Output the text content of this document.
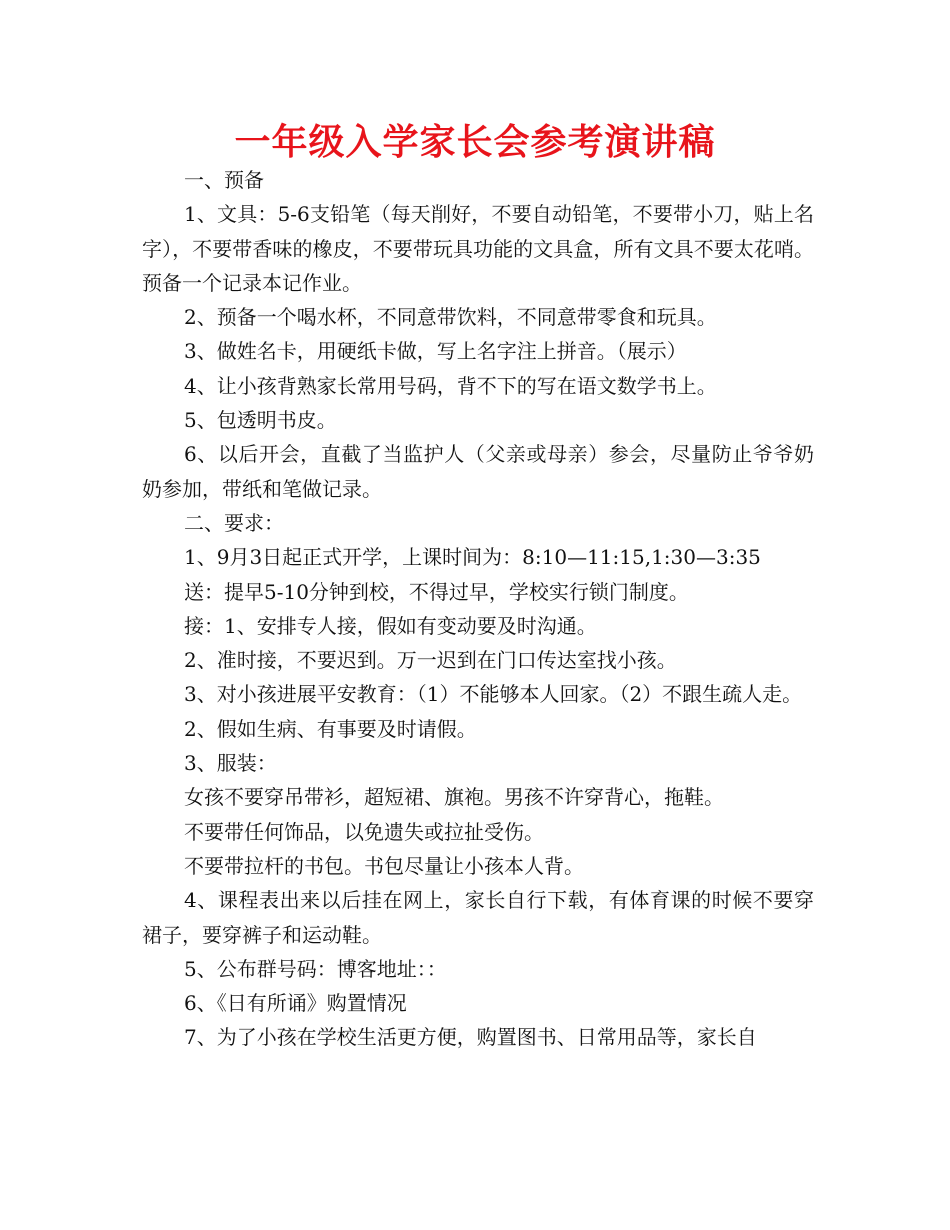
一年级入学家长会参考演讲稿

一、预备

1、文具：5-6支铅笔（每天削好，不要自动铅笔，不要带小刀，贴上名字），不要带香味的橡皮，不要带玩具功能的文具盒，所有文具不要太花哨。预备一个记录本记作业。

2、预备一个喝水杯，不同意带饮料，不同意带零食和玩具。

3、做姓名卡，用硬纸卡做，写上名字注上拼音。（展示）

4、让小孩背熟家长常用号码，背不下的写在语文数学书上。

5、包透明书皮。

6、以后开会，直截了当监护人（父亲或母亲）参会，尽量防止爷爷奶奶参加，带纸和笔做记录。

二、要求：

1、9月3日起正式开学，上课时间为：8:10—11:15,1:30—3:35

送：提早5-10分钟到校，不得过早，学校实行锁门制度。

接：1、安排专人接，假如有变动要及时沟通。

2、准时接，不要迟到。万一迟到在门口传达室找小孩。

3、对小孩进展平安教育：（1）不能够本人回家。（2）不跟生疏人走。

2、假如生病、有事要及时请假。

3、服装：

女孩不要穿吊带衫，超短裙、旗袍。男孩不许穿背心，拖鞋。

不要带任何饰品，以免遗失或拉扯受伤。

不要带拉杆的书包。书包尽量让小孩本人背。

4、课程表出来以后挂在网上，家长自行下载，有体育课的时候不要穿裙子，要穿裤子和运动鞋。

5、公布群号码：博客地址：：

6、《日有所诵》购置情况

7、为了小孩在学校生活更方便，购置图书、日常用品等，家长自
